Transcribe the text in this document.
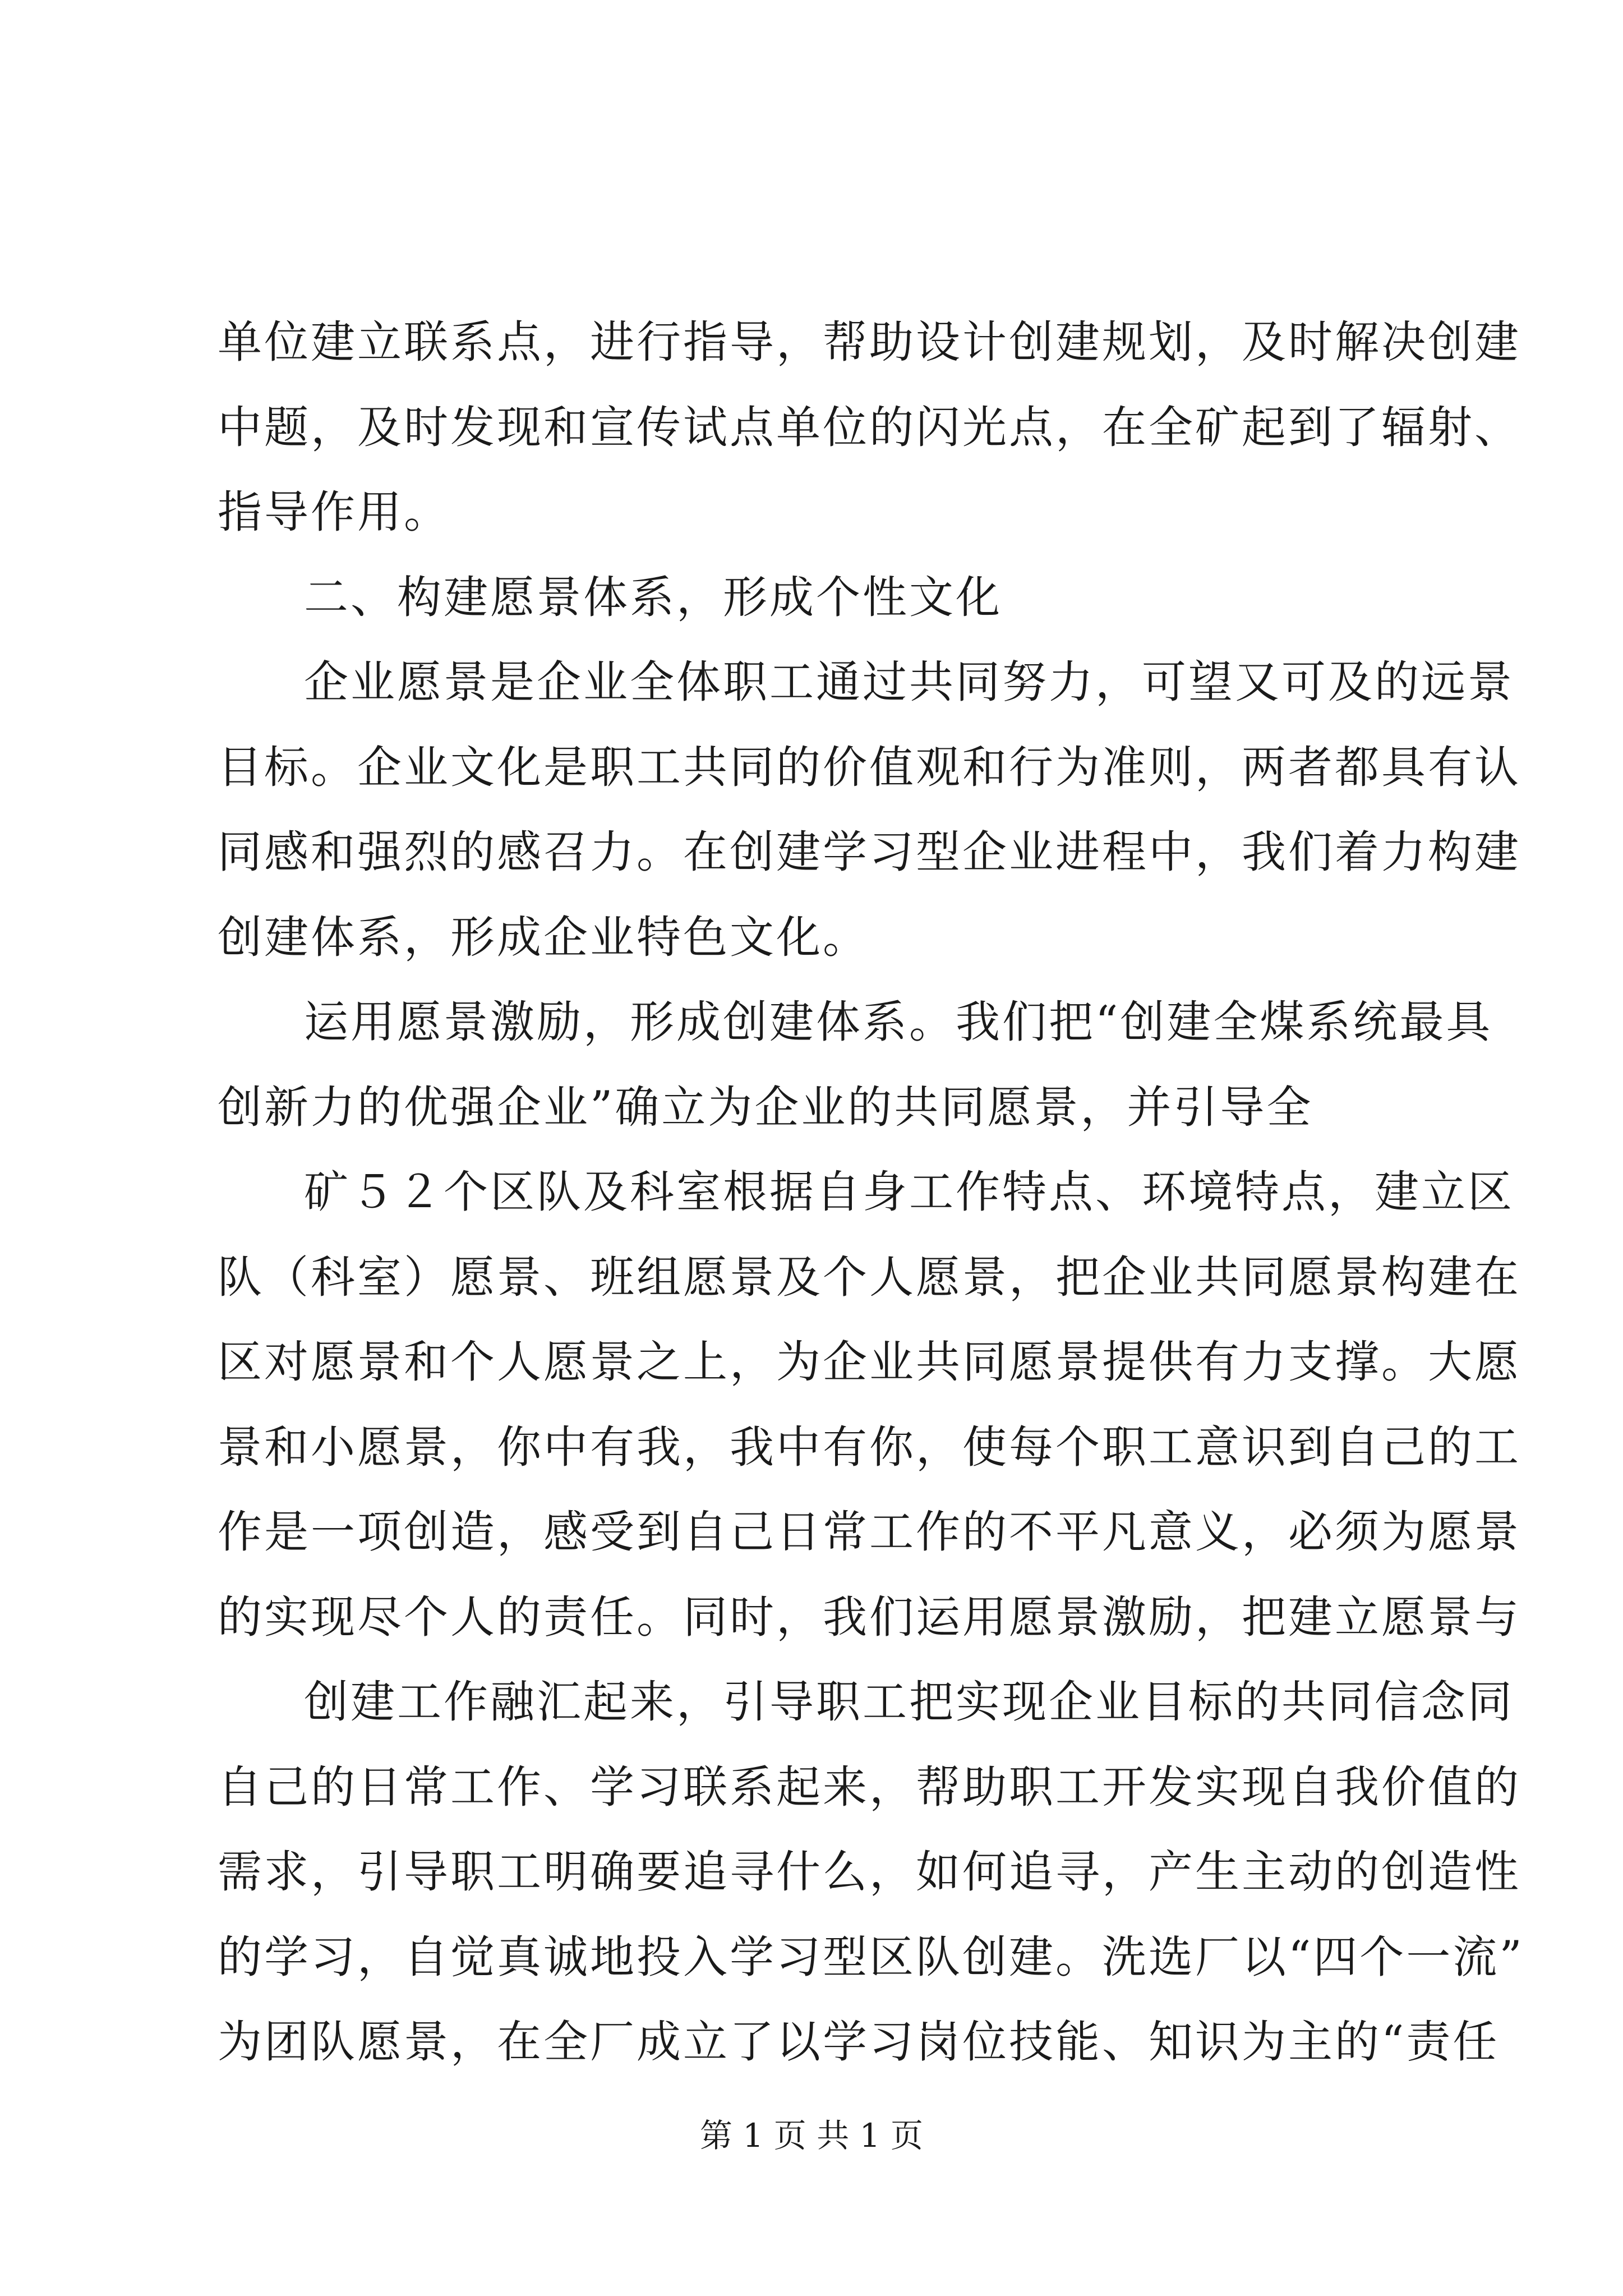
单位建立联系点，进行指导，帮助设计创建规划，及时解决创建
中题，及时发现和宣传试点单位的闪光点，在全矿起到了辐射、
指导作用。
二、构建愿景体系，形成个性文化
企业愿景是企业全体职工通过共同努力，可望又可及的远景
目标。企业文化是职工共同的价值观和行为准则，两者都具有认
同感和强烈的感召力。在创建学习型企业进程中，我们着力构建
创建体系，形成企业特色文化。
运用愿景激励，形成创建体系。我们把“创建全煤系统最具
创新力的优强企业”确立为企业的共同愿景，并引导全
矿５２个区队及科室根据自身工作特点、环境特点，建立区
队（科室）愿景、班组愿景及个人愿景，把企业共同愿景构建在
区对愿景和个人愿景之上，为企业共同愿景提供有力支撑。大愿
景和小愿景，你中有我，我中有你，使每个职工意识到自己的工
作是一项创造，感受到自己日常工作的不平凡意义，必须为愿景
的实现尽个人的责任。同时，我们运用愿景激励，把建立愿景与
创建工作融汇起来，引导职工把实现企业目标的共同信念同
自己的日常工作、学习联系起来，帮助职工开发实现自我价值的
需求，引导职工明确要追寻什么，如何追寻，产生主动的创造性
的学习，自觉真诚地投入学习型区队创建。洗选厂以“四个一流”
为团队愿景，在全厂成立了以学习岗位技能、知识为主的“责任
第 1 页 共 1 页
